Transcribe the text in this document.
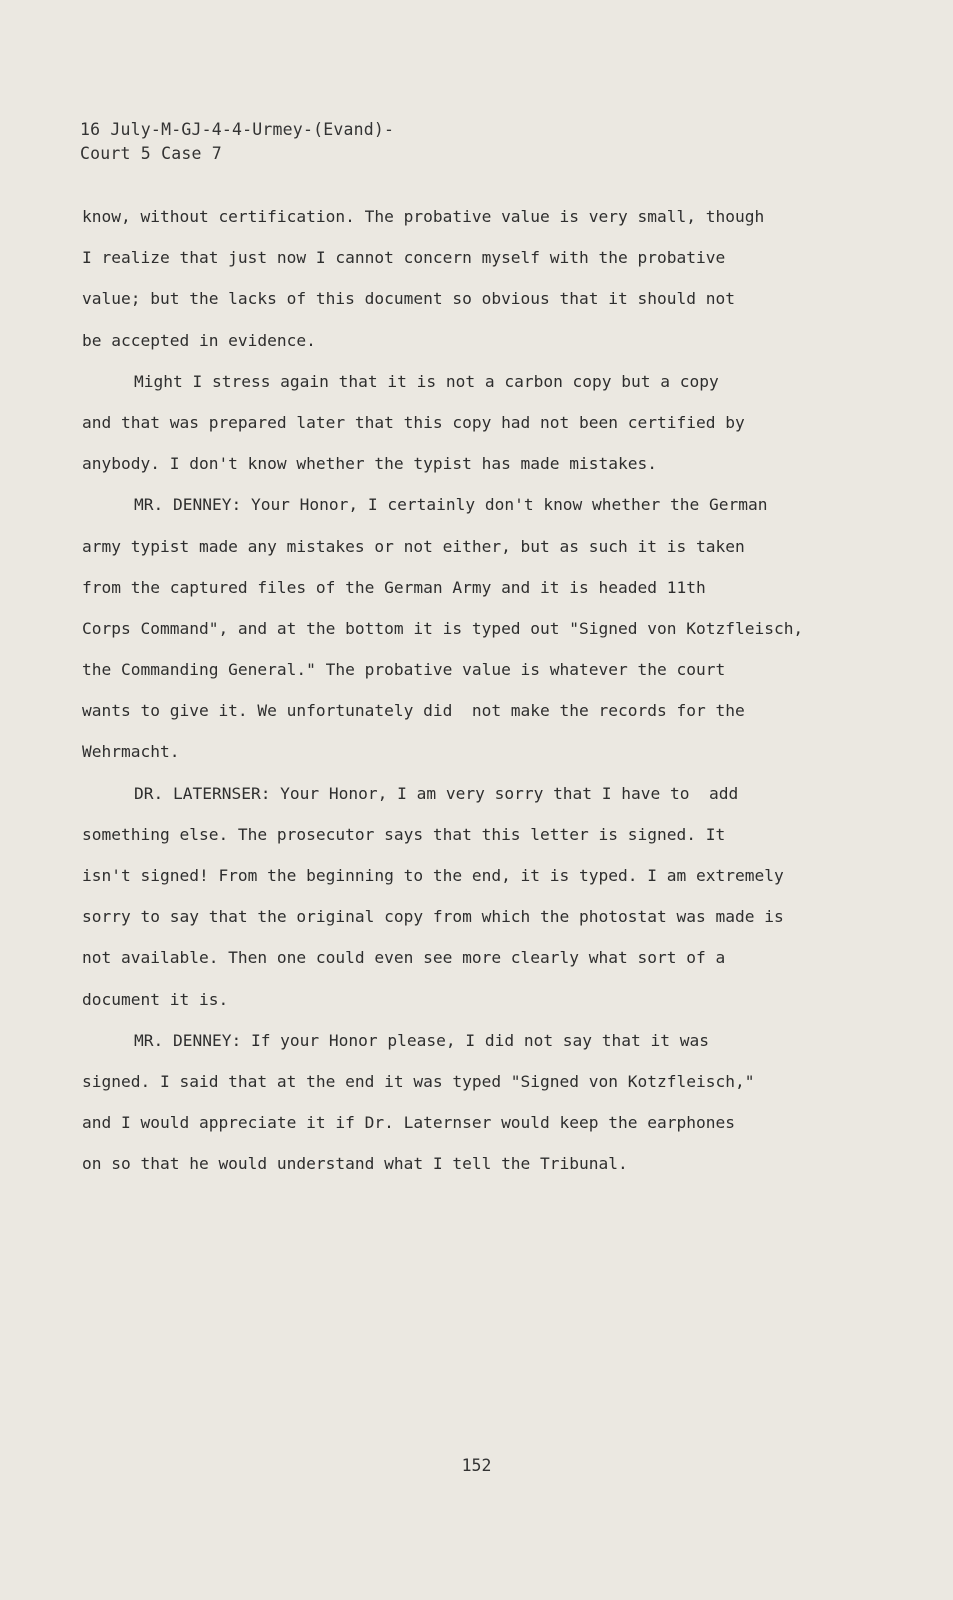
16 July-M-GJ-4-4-Urmey-(Evand)-
Court 5 Case 7
know, without certification. The probative value is very small, though
I realize that just now I cannot concern myself with the probative
value; but the lacks of this document so obvious that it should not
be accepted in evidence.
Might I stress again that it is not a carbon copy but a copy
and that was prepared later that this copy had not been certified by
anybody. I don't know whether the typist has made mistakes.
MR. DENNEY: Your Honor, I certainly don't know whether the German
army typist made any mistakes or not either, but as such it is taken
from the captured files of the German Army and it is headed 11th
Corps Command", and at the bottom it is typed out "Signed von Kotzfleisch,
the Commanding General." The probative value is whatever the court
wants to give it. We unfortunately did  not make the records for the
Wehrmacht.
DR. LATERNSER: Your Honor, I am very sorry that I have to  add
something else. The prosecutor says that this letter is signed. It
isn't signed! From the beginning to the end, it is typed. I am extremely
sorry to say that the original copy from which the photostat was made is
not available. Then one could even see more clearly what sort of a
document it is.
MR. DENNEY: If your Honor please, I did not say that it was
signed. I said that at the end it was typed "Signed von Kotzfleisch,"
and I would appreciate it if Dr. Laternser would keep the earphones
on so that he would understand what I tell the Tribunal.
152
